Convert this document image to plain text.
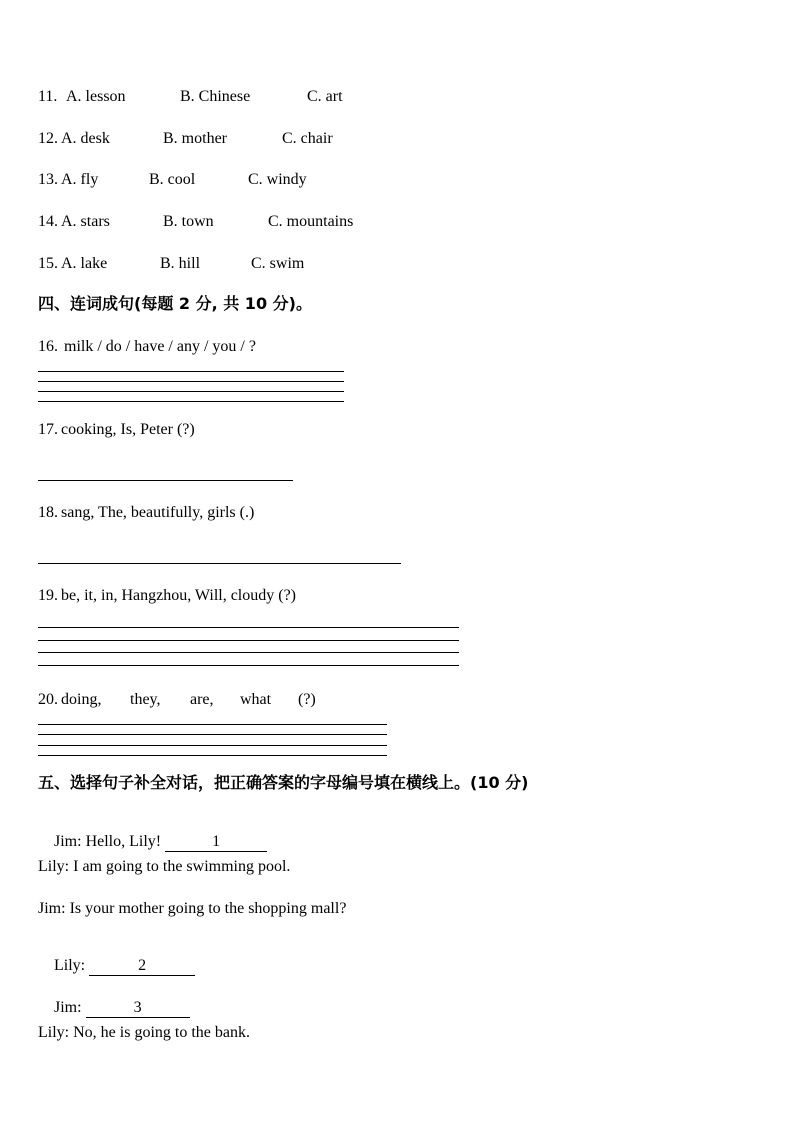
11. A. lesson	B. Chinese	C. art
12. A. desk	B. mother	C. chair
13. A. fly	B. cool	C. windy
14. A. stars	B. town	C. mountains
15. A. lake	B. hill	C. swim
四、连词成句(每题 2 分, 共 10 分)。
16. milk / do / have / any / you / ?
17. cooking, Is, Peter (?)
18. sang, The, beautifully, girls (.)
19. be, it, in, Hangzhou, Will, cloudy (?)
20. doing, they, are, what (?)
五、选择句子补全对话，把正确答案的字母编号填在横线上。(10 分)

Jim: Hello, Lily!	1

Lily: I am going to the swimming pool.
Jim: Is your mother going to the shopping mall?

Lily:	2

Jim:	3

Lily: No, he is going to the bank.
